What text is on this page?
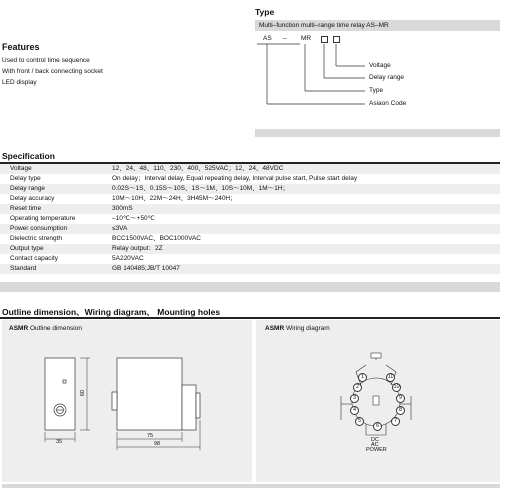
Type
Multi–function multi–range time relay AS–MR
AS – MR
Voltage
Delay range
Type
Asiaon Code
Features
Used to control time sequence
With front / back connecting socket
LED display
Specification
Voltage	12、24、48、110、230、400、525VAC；12、24、48VDC
Delay type	On delay；Interval delay, Equal repeating delay, Interval pulse start, Pulse start delay
Delay range	0.02S～1S、0.15S～10S、1S～1M、10S～10M、1M～1H；
Delay accuracy	10M～10H、22M～24H、3H45M～240H；
Reset time	300mS
Operating temperature	–10℃～+50℃
Power consumption	≤3VA
Dielectric strength	BCC1500VAC、BOC1000VAC
Output type	Relay output：2Z
Contact capacity	5A220VAC
Standard	GB 140485;JB/T 10047
Outline dimension、Wiring diagram、 Mounting holes
ASMR Outline dimension
60
35
75
98
ASMR Wiring diagram
1
2
3
4
5
6
7
8
9
10
11
DC
AC
POWER
